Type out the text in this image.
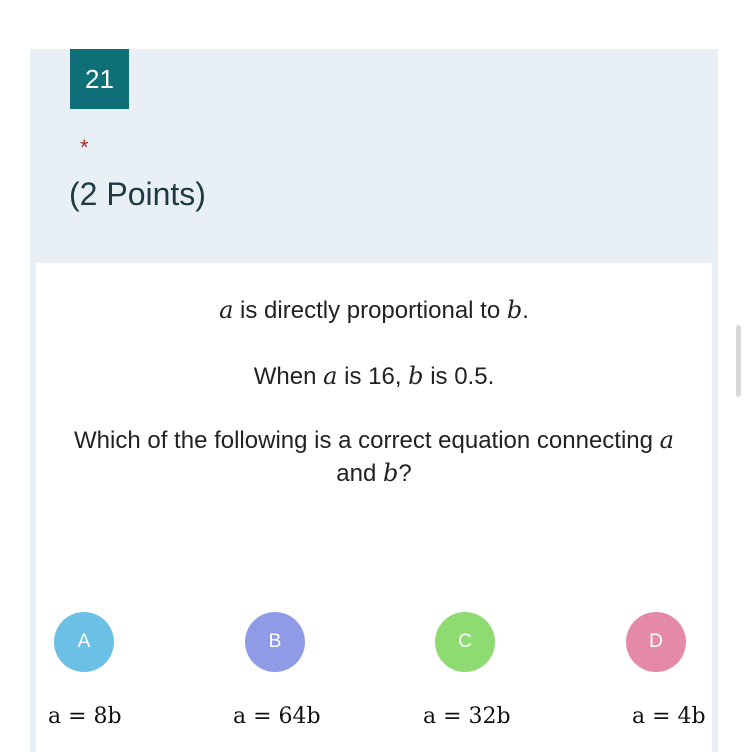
21
*
(2 Points)
a is directly proportional to b.
When a is 16, b is 0.5.
Which of the following is a correct equation connecting a
and b?
A	B	C	D
a = 8b	a = 64b	a = 32b	a = 4b
